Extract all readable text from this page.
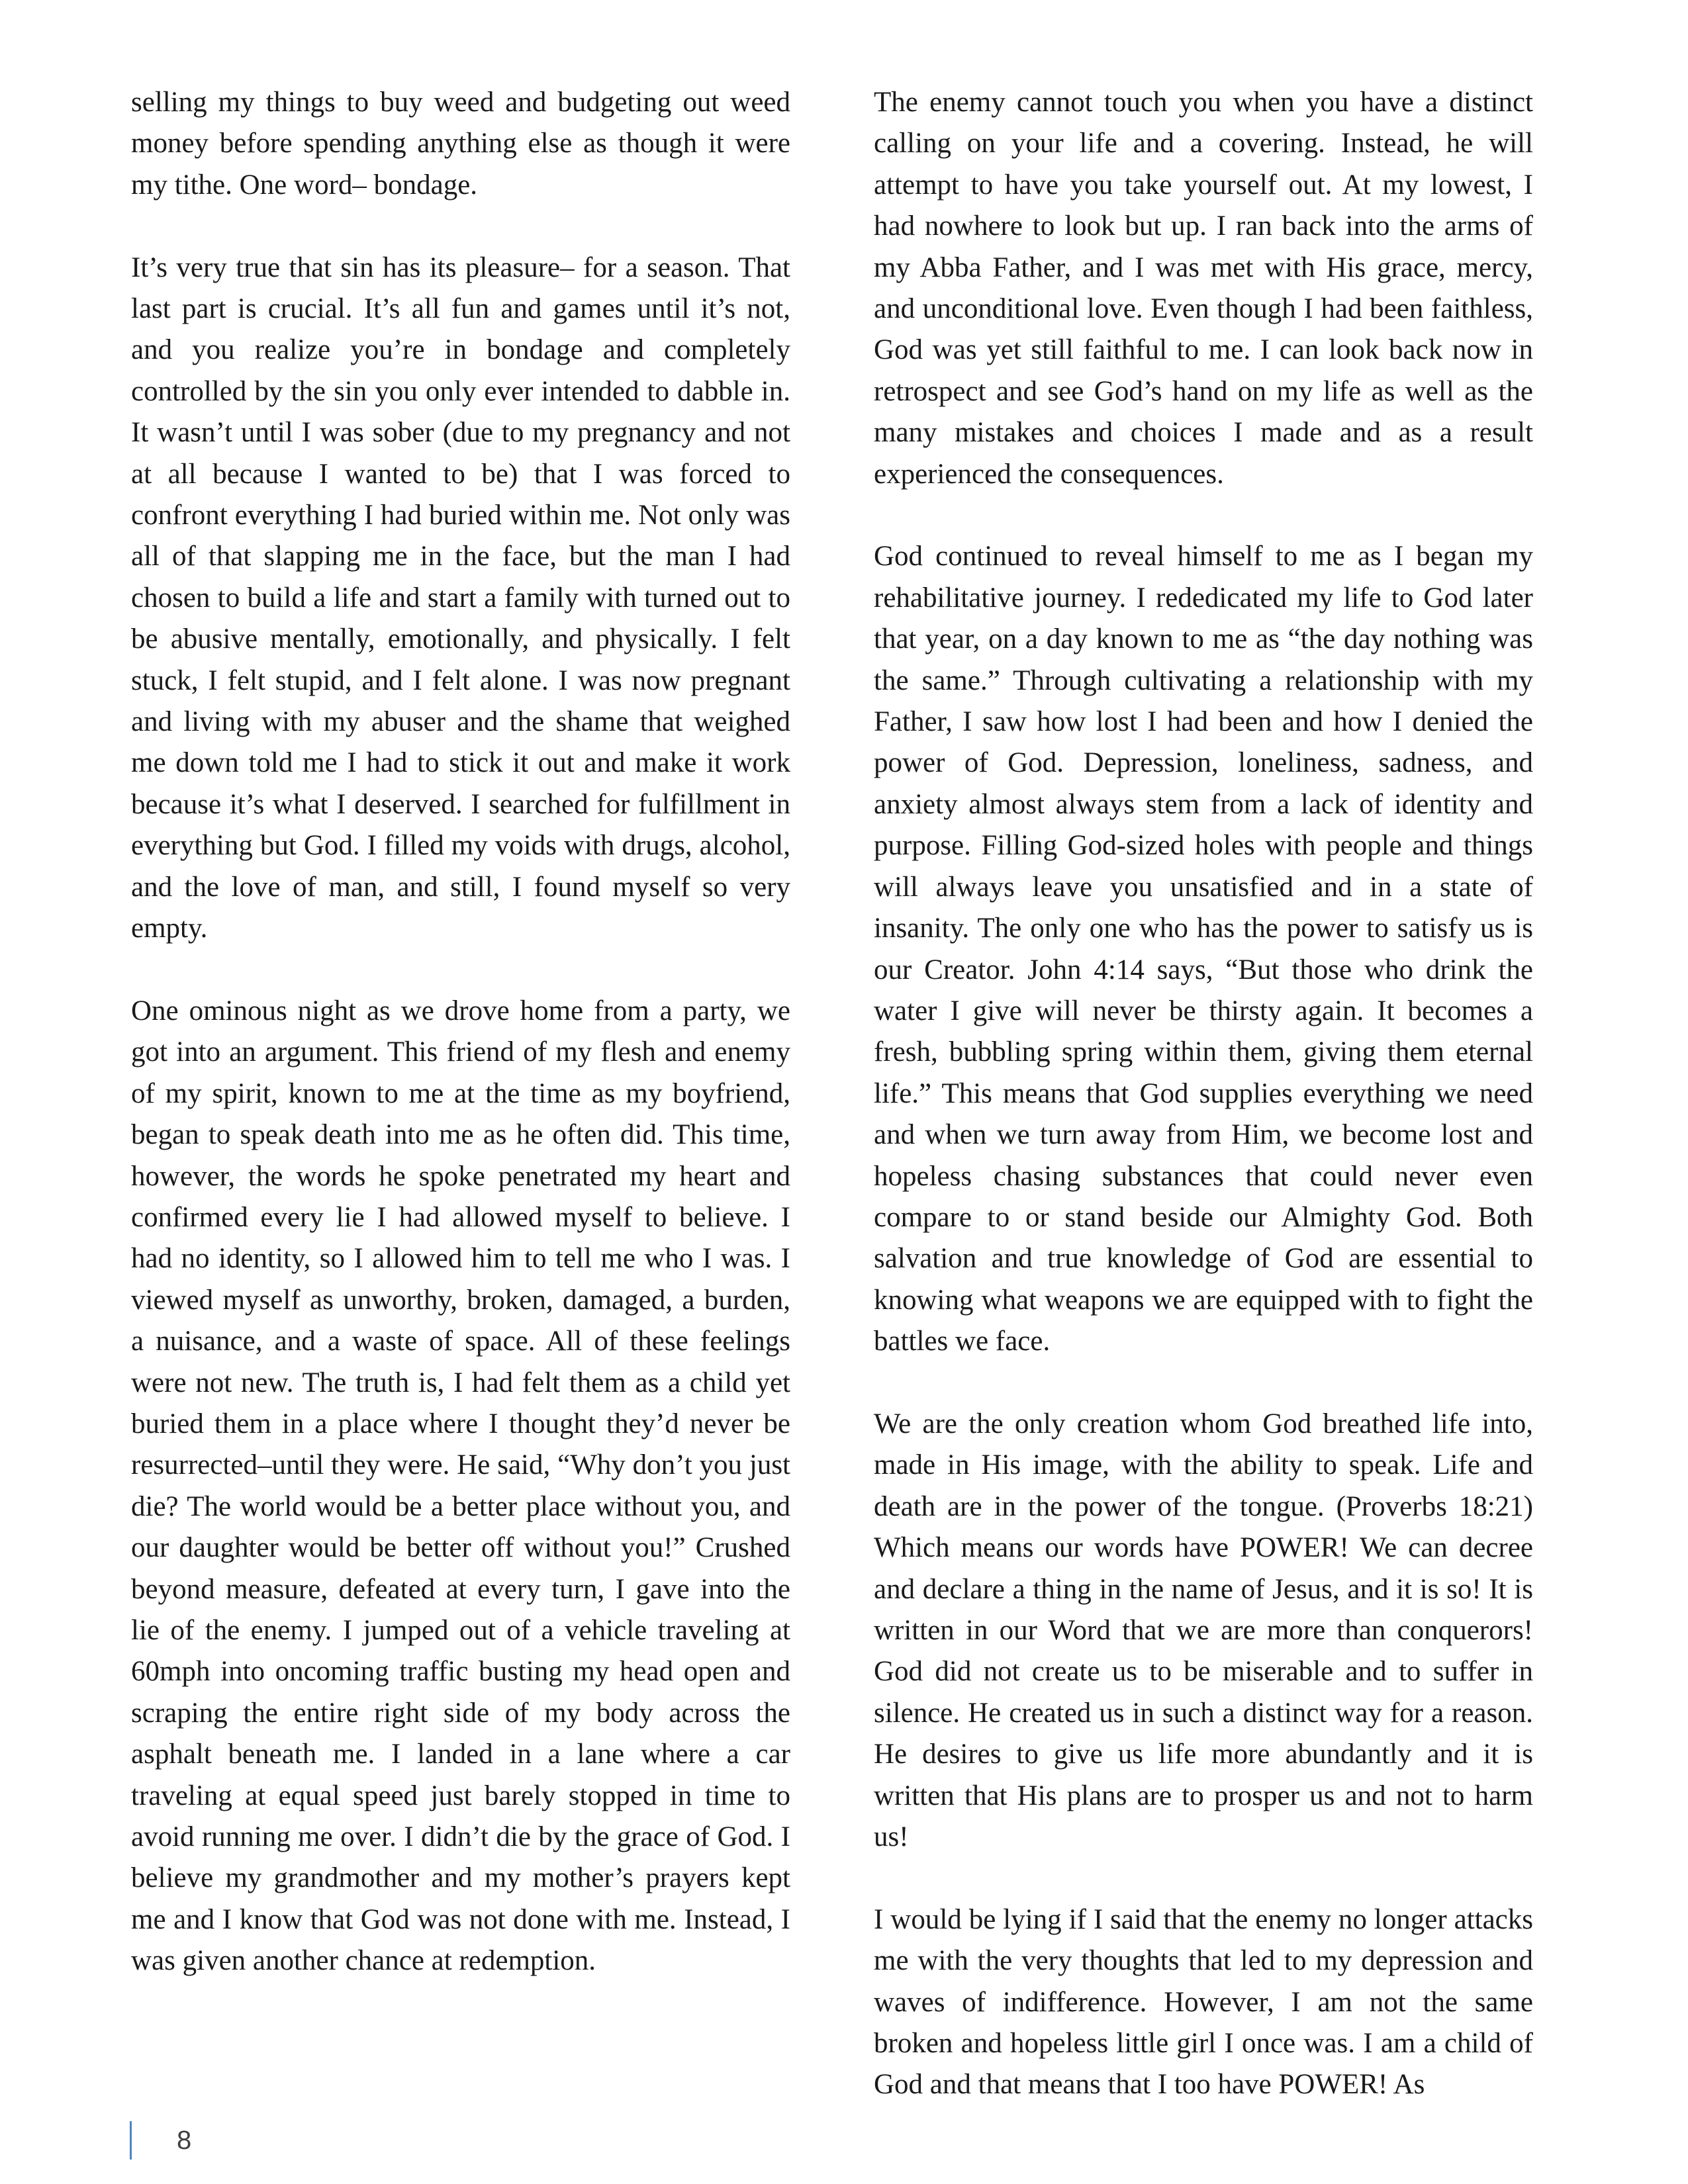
selling my things to buy weed and budgeting out weed money before spending anything else as though it were my tithe. One word– bondage.

It’s very true that sin has its pleasure– for a season. That last part is crucial. It’s all fun and games until it’s not, and you realize you’re in bondage and completely controlled by the sin you only ever intended to dabble in. It wasn’t until I was sober (due to my pregnancy and not at all because I wanted to be) that I was forced to confront everything I had buried within me. Not only was all of that slapping me in the face, but the man I had chosen to build a life and start a family with turned out to be abusive mentally, emotionally, and physically. I felt stuck, I felt stupid, and I felt alone. I was now pregnant and living with my abuser and the shame that weighed me down told me I had to stick it out and make it work because it’s what I deserved. I searched for fulfillment in everything but God. I filled my voids with drugs, alcohol, and the love of man, and still, I found myself so very empty.

One ominous night as we drove home from a party, we got into an argument. This friend of my flesh and enemy of my spirit, known to me at the time as my boyfriend, began to speak death into me as he often did. This time, however, the words he spoke penetrated my heart and confirmed every lie I had allowed myself to believe. I had no identity, so I allowed him to tell me who I was. I viewed myself as unworthy, broken, damaged, a burden, a nuisance, and a waste of space. All of these feelings were not new. The truth is, I had felt them as a child yet buried them in a place where I thought they’d never be resurrected–until they were. He said, “Why don’t you just die? The world would be a better place without you, and our daughter would be better off without you!” Crushed beyond measure, defeated at every turn, I gave into the lie of the enemy. I jumped out of a vehicle traveling at 60mph into oncoming traffic busting my head open and scraping the entire right side of my body across the asphalt beneath me. I landed in a lane where a car traveling at equal speed just barely stopped in time to avoid running me over. I didn’t die by the grace of God. I believe my grandmother and my mother’s prayers kept me and I know that God was not done with me. Instead, I was given another chance at redemption.

The enemy cannot touch you when you have a distinct calling on your life and a covering. Instead, he will attempt to have you take yourself out. At my lowest, I had nowhere to look but up. I ran back into the arms of my Abba Father, and I was met with His grace, mercy, and unconditional love. Even though I had been faithless, God was yet still faithful to me. I can look back now in retrospect and see God’s hand on my life as well as the many mistakes and choices I made and as a result experienced the consequences.

God continued to reveal himself to me as I began my rehabilitative journey. I rededicated my life to God later that year, on a day known to me as “the day nothing was the same.” Through cultivating a relationship with my Father, I saw how lost I had been and how I denied the power of God. Depression, loneliness, sadness, and anxiety almost always stem from a lack of identity and purpose. Filling God-sized holes with people and things will always leave you unsatisfied and in a state of insanity. The only one who has the power to satisfy us is our Creator. John 4:14 says, “But those who drink the water I give will never be thirsty again. It becomes a fresh, bubbling spring within them, giving them eternal life.” This means that God supplies everything we need and when we turn away from Him, we become lost and hopeless chasing substances that could never even compare to or stand beside our Almighty God. Both salvation and true knowledge of God are essential to knowing what weapons we are equipped with to fight the battles we face.

We are the only creation whom God breathed life into, made in His image, with the ability to speak. Life and death are in the power of the tongue. (Proverbs 18:21) Which means our words have POWER! We can decree and declare a thing in the name of Jesus, and it is so! It is written in our Word that we are more than conquerors! God did not create us to be miserable and to suffer in silence. He created us in such a distinct way for a reason. He desires to give us life more abundantly and it is written that His plans are to prosper us and not to harm us!

I would be lying if I said that the enemy no longer attacks me with the very thoughts that led to my depression and waves of indifference. However, I am not the same broken and hopeless little girl I once was. I am a child of God and that means that I too have POWER! As

8
